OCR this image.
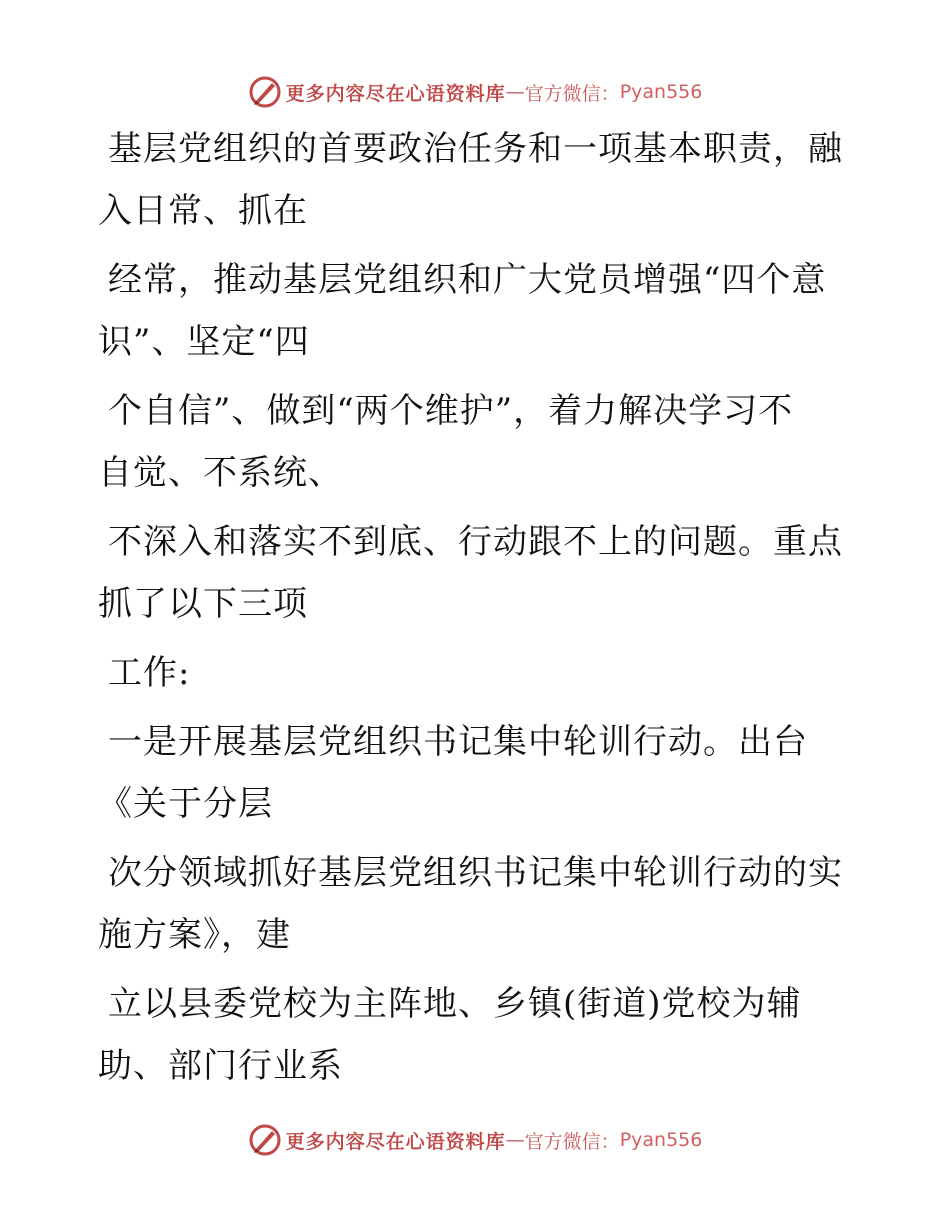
更多内容尽在心语资料库 — 官方微信： Pyan556

基层党组织的首要政治任务和一项基本职责，融
入日常、抓在

经常，推动基层党组织和广大党员增强“四个意
识”、坚定“四

个自信”、做到“两个维护”，着力解决学习不
自觉、不系统、

不深入和落实不到底、行动跟不上的问题。重点
抓了以下三项

工作:

一是开展基层党组织书记集中轮训行动。出台
《关于分层

次分领域抓好基层党组织书记集中轮训行动的实
施方案》，建

立以县委党校为主阵地、乡镇(街道)党校为辅
助、部门行业系

更多内容尽在心语资料库 — 官方微信： Pyan556
